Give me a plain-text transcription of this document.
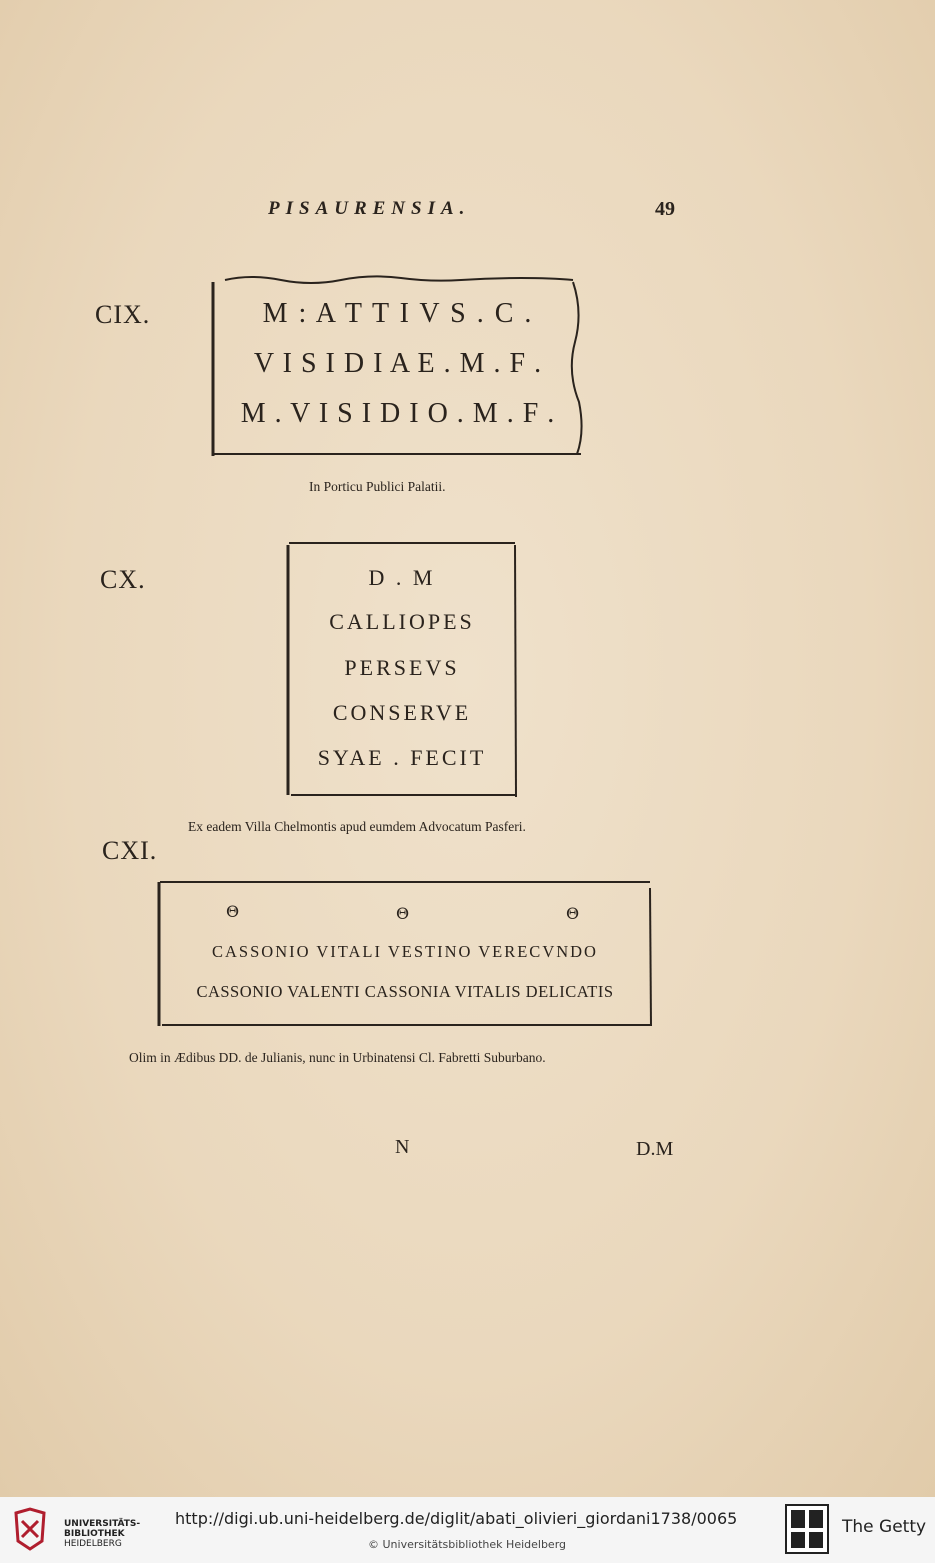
PISAURENSIA.	49
CIX.	M : A T T I V S . C .
V I S I D I A E . M . F .
M . V I S I D I O . M . F .
In Porticu Publici Palatii.
CX.	D . M
CALLIOPES
PERSEVS
CONSERVE
SYAE . FECIT
Ex eadem Villa Chelmontis apud eumdem Advocatum Pasferi.
CXI.
Θ	Θ	Θ
CASSONIO VITALI VESTINO VERECVNDO
CASSONIO VALENTI CASSONIA VITALIS DELICATIS
Olim in Ædibus DD. de Julianis, nunc in Urbinatensi Cl. Fabretti Suburbano.
N	D.M
UNIVERSITÄTS-
BIBLIOTHEK
HEIDELBERG
http://digi.ub.uni-heidelberg.de/diglit/abati_olivieri_giordani1738/0065
© Universitätsbibliothek Heidelberg
The Getty
